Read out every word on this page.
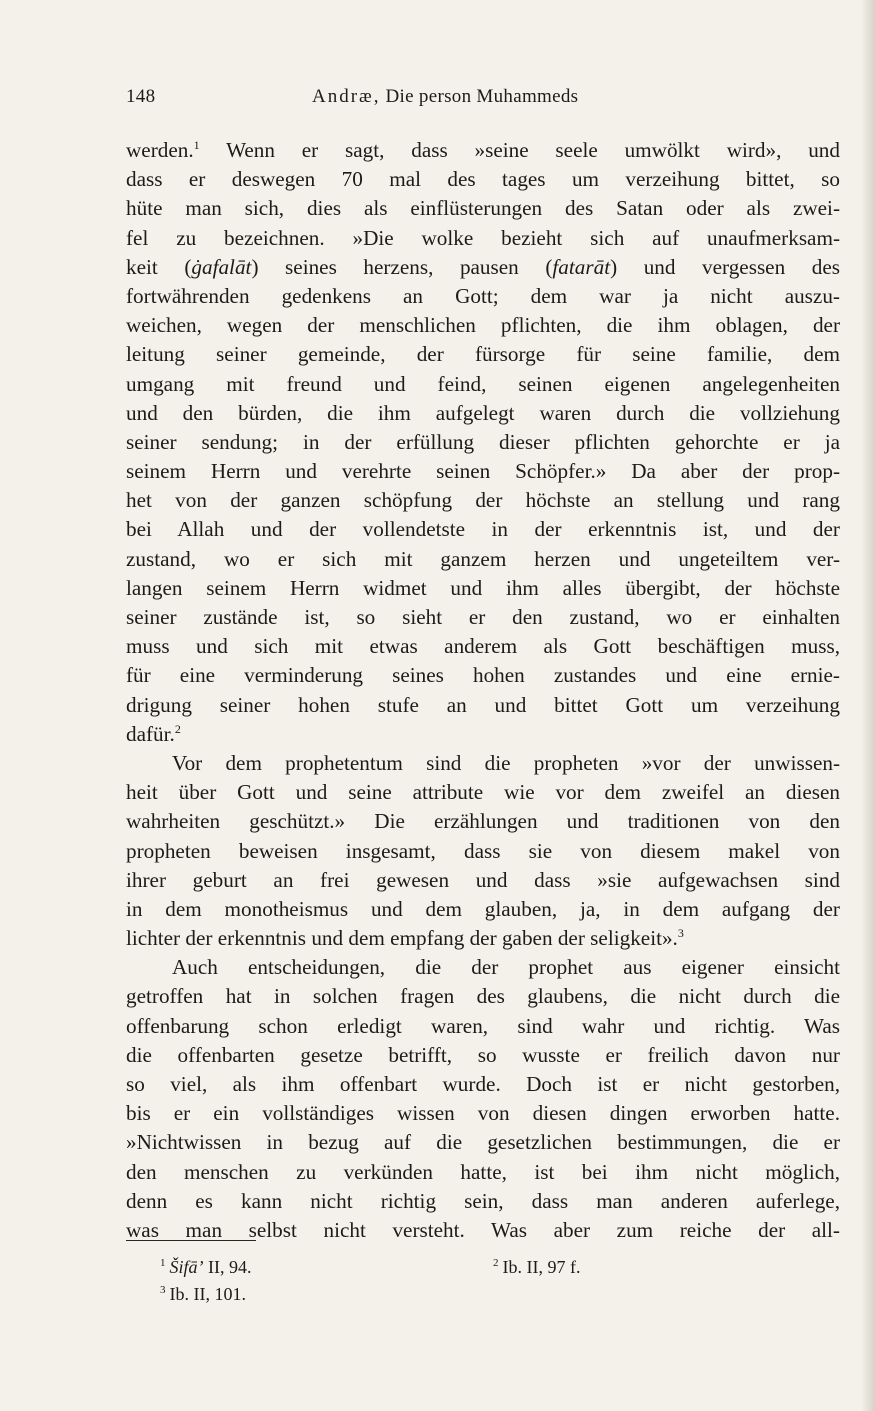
148	Andræ, Die person Muhammeds
werden.$^1$ Wenn er sagt, dass »seine seele umwölkt wird», und
dass er deswegen 70 mal des tages um verzeihung bittet, so
hüte man sich, dies als einflüsterungen des Satan oder als zwei-
fel zu bezeichnen. »Die wolke bezieht sich auf unaufmerksam-
keit (ġafalāt) seines herzens, pausen (fatarāt) und vergessen des
fortwährenden gedenkens an Gott; dem war ja nicht auszu-
weichen, wegen der menschlichen pflichten, die ihm oblagen, der
leitung seiner gemeinde, der fürsorge für seine familie, dem
umgang mit freund und feind, seinen eigenen angelegenheiten
und den bürden, die ihm aufgelegt waren durch die vollziehung
seiner sendung; in der erfüllung dieser pflichten gehorchte er ja
seinem Herrn und verehrte seinen Schöpfer.» Da aber der prop-
het von der ganzen schöpfung der höchste an stellung und rang
bei Allah und der vollendetste in der erkenntnis ist, und der
zustand, wo er sich mit ganzem herzen und ungeteiltem ver-
langen seinem Herrn widmet und ihm alles übergibt, der höchste
seiner zustände ist, so sieht er den zustand, wo er einhalten
muss und sich mit etwas anderem als Gott beschäftigen muss,
für eine verminderung seines hohen zustandes und eine ernie-
drigung seiner hohen stufe an und bittet Gott um verzeihung
dafür.$^2$
Vor dem prophetentum sind die propheten »vor der unwissen-
heit über Gott und seine attribute wie vor dem zweifel an diesen
wahrheiten geschützt.» Die erzählungen und traditionen von den
propheten beweisen insgesamt, dass sie von diesem makel von
ihrer geburt an frei gewesen und dass »sie aufgewachsen sind
in dem monotheismus und dem glauben, ja, in dem aufgang der
lichter der erkenntnis und dem empfang der gaben der seligkeit».$^3$
Auch entscheidungen, die der prophet aus eigener einsicht
getroffen hat in solchen fragen des glaubens, die nicht durch die
offenbarung schon erledigt waren, sind wahr und richtig. Was
die offenbarten gesetze betrifft, so wusste er freilich davon nur
so viel, als ihm offenbart wurde. Doch ist er nicht gestorben,
bis er ein vollständiges wissen von diesen dingen erworben hatte.
»Nichtwissen in bezug auf die gesetzlichen bestimmungen, die er
den menschen zu verkünden hatte, ist bei ihm nicht möglich,
denn es kann nicht richtig sein, dass man anderen auferlege,
was man selbst nicht versteht. Was aber zum reiche der all-
$^1$ Šifā’ II, 94.	$^2$ Ib. II, 97 f.
$^3$ Ib. II, 101.
